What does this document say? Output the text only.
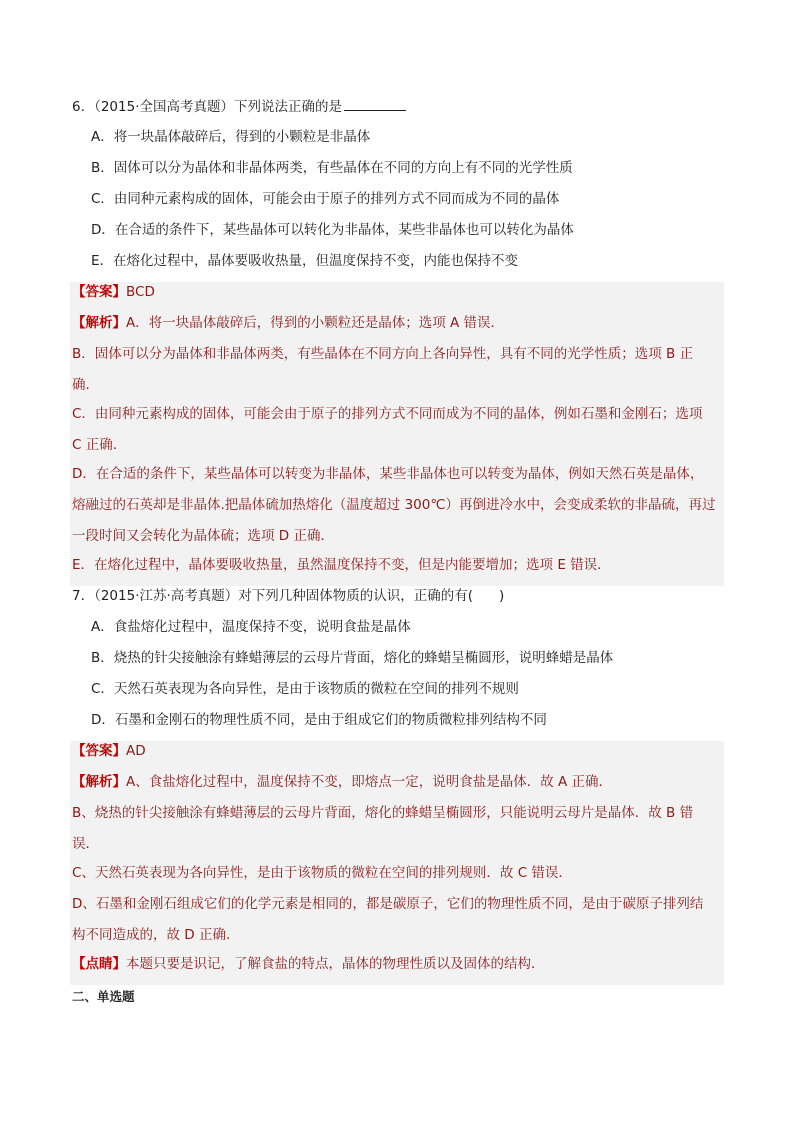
6．（2015·全国高考真题）下列说法正确的是
A．将一块晶体敲碎后，得到的小颗粒是非晶体
B．固体可以分为晶体和非晶体两类，有些晶体在不同的方向上有不同的光学性质
C．由同种元素构成的固体，可能会由于原子的排列方式不同而成为不同的晶体
D．在合适的条件下，某些晶体可以转化为非晶体，某些非晶体也可以转化为晶体
E．在熔化过程中，晶体要吸收热量，但温度保持不变，内能也保持不变
【答案】BCD
【解析】A．将一块晶体敲碎后，得到的小颗粒还是晶体；选项 A 错误．
B．固体可以分为晶体和非晶体两类，有些晶体在不同方向上各向异性，具有不同的光学性质；选项 B 正
确．
C．由同种元素构成的固体，可能会由于原子的排列方式不同而成为不同的晶体，例如石墨和金刚石；选项
C 正确．
D．在合适的条件下，某些晶体可以转变为非晶体，某些非晶体也可以转变为晶体，例如天然石英是晶体，
熔融过的石英却是非晶体.把晶体硫加热熔化（温度超过 300℃）再倒进冷水中，会变成柔软的非晶硫，再过
一段时间又会转化为晶体硫；选项 D 正确．
E．在熔化过程中，晶体要吸收热量，虽然温度保持不变，但是内能要增加；选项 E 错误．
7．（2015·江苏·高考真题）对下列几种固体物质的认识，正确的有( )
A．食盐熔化过程中，温度保持不变，说明食盐是晶体
B．烧热的针尖接触涂有蜂蜡薄层的云母片背面，熔化的蜂蜡呈椭圆形，说明蜂蜡是晶体
C．天然石英表现为各向异性，是由于该物质的微粒在空间的排列不规则
D．石墨和金刚石的物理性质不同，是由于组成它们的物质微粒排列结构不同
【答案】AD
【解析】A、食盐熔化过程中，温度保持不变，即熔点一定，说明食盐是晶体．故 A 正确．
B、烧热的针尖接触涂有蜂蜡薄层的云母片背面，熔化的蜂蜡呈椭圆形，只能说明云母片是晶体．故 B 错
误．
C、天然石英表现为各向异性，是由于该物质的微粒在空间的排列规则．故 C 错误．
D、石墨和金刚石组成它们的化学元素是相同的，都是碳原子，它们的物理性质不同，是由于碳原子排列结
构不同造成的，故 D 正确．
【点睛】本题只要是识记，了解食盐的特点，晶体的物理性质以及固体的结构．
二、单选题
